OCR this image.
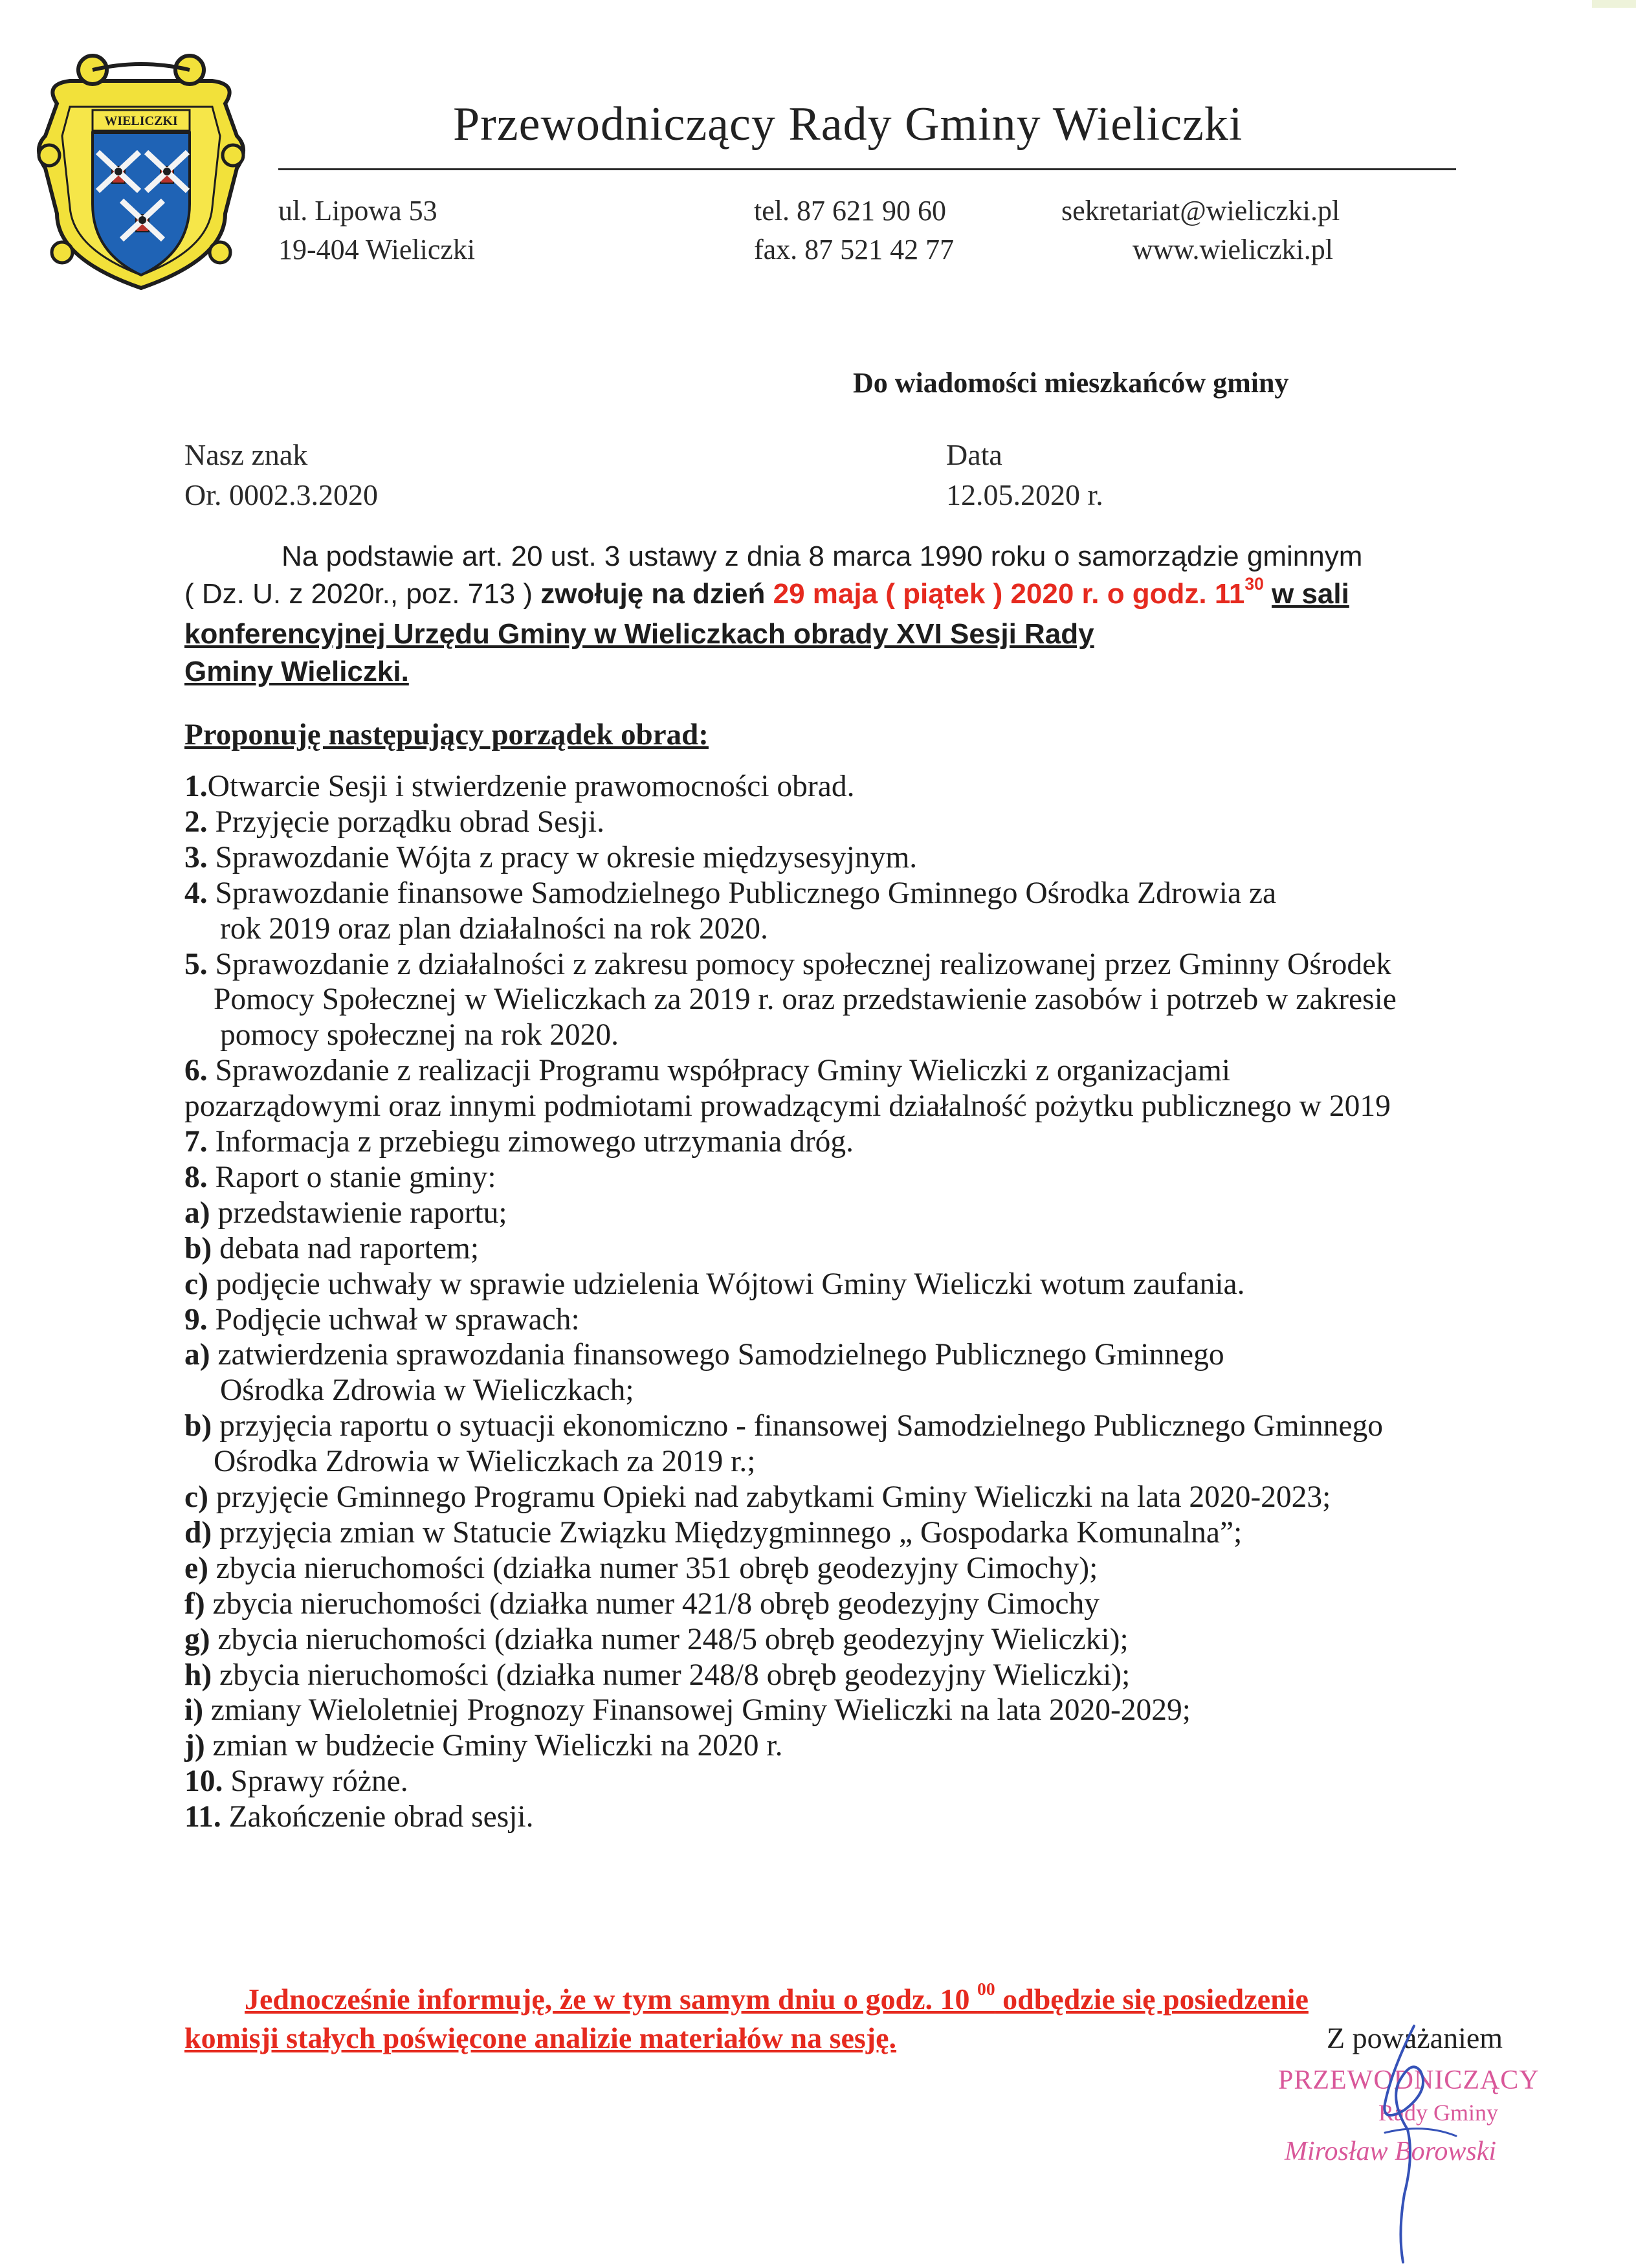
WIELICZKI	Przewodniczący Rady Gminy Wieliczki
ul. Lipowa 53
19-404 Wieliczki
tel. 87 621 90 60
fax. 87 521 42 77
sekretariat@wieliczki.pl
www.wieliczki.pl
Do wiadomości mieszkańców gminy
Nasz znak
Or. 0002.3.2020
Data
12.05.2020 r.
Na podstawie art. 20 ust. 3 ustawy z dnia 8 marca 1990 roku o samorządzie gminnym
( Dz. U. z 2020r., poz. 713 ) zwołuję na dzień 29 maja ( piątek ) 2020 r. o godz. $11^{30}$ w sali
konferencyjnej Urzędu Gminy w Wieliczkach obrady XVI Sesji Rady
Gminy Wieliczki.
Proponuję następujący porządek obrad:
1.Otwarcie Sesji i stwierdzenie prawomocności obrad.
2. Przyjęcie porządku obrad Sesji.
3. Sprawozdanie Wójta z pracy w okresie międzysesyjnym.
4. Sprawozdanie finansowe Samodzielnego Publicznego Gminnego Ośrodka Zdrowia za
rok 2019 oraz plan działalności na rok 2020.
5. Sprawozdanie z działalności z zakresu pomocy społecznej realizowanej przez Gminny Ośrodek
Pomocy Społecznej w Wieliczkach za 2019 r. oraz przedstawienie zasobów i potrzeb w zakresie
pomocy społecznej na rok 2020.
6. Sprawozdanie z realizacji Programu współpracy Gminy Wieliczki z organizacjami
pozarządowymi oraz innymi podmiotami prowadzącymi działalność pożytku publicznego w 2019
7. Informacja z przebiegu zimowego utrzymania dróg.
8. Raport o stanie gminy:
a) przedstawienie raportu;
b) debata nad raportem;
c) podjęcie uchwały w sprawie udzielenia Wójtowi Gminy Wieliczki wotum zaufania.
9. Podjęcie uchwał w sprawach:
a) zatwierdzenia sprawozdania finansowego Samodzielnego Publicznego Gminnego
Ośrodka Zdrowia w Wieliczkach;
b) przyjęcia raportu o sytuacji ekonomiczno - finansowej Samodzielnego Publicznego Gminnego
Ośrodka Zdrowia w Wieliczkach za 2019 r.;
c) przyjęcie Gminnego Programu Opieki nad zabytkami Gminy Wieliczki na lata 2020-2023;
d) przyjęcia zmian w Statucie Związku Międzygminnego „ Gospodarka Komunalna”;
e) zbycia nieruchomości (działka numer 351 obręb geodezyjny Cimochy);
f) zbycia nieruchomości (działka numer 421/8 obręb geodezyjny Cimochy
g) zbycia nieruchomości (działka numer 248/5 obręb geodezyjny Wieliczki);
h) zbycia nieruchomości (działka numer 248/8 obręb geodezyjny Wieliczki);
i) zmiany Wieloletniej Prognozy Finansowej Gminy Wieliczki na lata 2020-2029;
j) zmian w budżecie Gminy Wieliczki na 2020 r.
10. Sprawy różne.
11. Zakończenie obrad sesji.
Jednocześnie informuję, że w tym samym dniu o godz. 10 $^{00}$ odbędzie się posiedzenie
komisji stałych poświęcone analizie materiałów na sesję.	Z poważaniem
PRZEWODNICZĄCY
Rady Gminy
Mirosław Borowski
